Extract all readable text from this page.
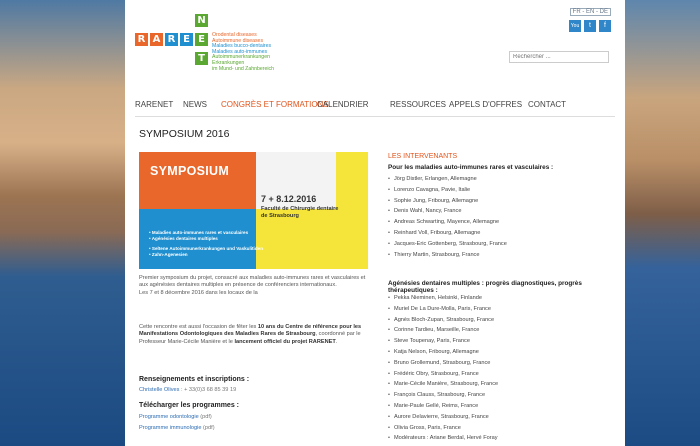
R A R E
N
E
T
Orodental diseases
Autoimmune diseases
Maladies bucco-dentaires
Maladies auto-immunes
Autoimmunerkrankungen
Erkrankungen
im Mund- und Zahnbereich
FR - EN - DE
You	t	f
Rechercher ...
RARENET NEWS CONGRÈS ET FORMATIONS
CALENDRIER	RESSOURCES APPELS D'OFFRES CONTACT
SYMPOSIUM 2016
SYMPOSIUM
7 + 8.12.2016
Faculté de Chirurgie dentaire
de Strasbourg
• Maladies auto-immunes rares et vasculaires
• Agénésies dentaires multiples
• Seltene Autoimmunerkrankungen und Vaskulitiden
• Zahn-Agenesien
Premier symposium du projet, consacré aux maladies auto-immunes rares et vasculaires et aux agénésies dentaires multiples en présence de conférenciers internationaux.
Les 7 et 8 décembre 2016 dans les locaux de la
Cette rencontre est aussi l'occasion de fêter les 10 ans du Centre de référence pour les Manifestations Odontologiques des Maladies Rares de Strasbourg, coordonné par le Professeur Marie-Cécile Manière et le lancement officiel du projet RARENET.
Renseignements et inscriptions :
Christelle Olives : + 33(0)3 68 85 39 19
Télécharger les programmes :
Programme odontologie (pdf)
Programme immunologie (pdf)
LES INTERVENANTS
Pour les maladies auto-immunes rares et vasculaires :
• Jörg Distler, Erlangen, Allemagne
• Lorenzo Cavagna, Pavie, Italie
• Sophie Jung, Fribourg, Allemagne
• Denis Wahl, Nancy, France
• Andreas Schwarting, Mayence, Allemagne
• Reinhard Voll, Fribourg, Allemagne
• Jacques-Eric Gottenberg, Strasbourg, France
• Thierry Martin, Strasbourg, France
Agénésies dentaires multiples : progrès diagnostiques, progrès thérapeutiques :
• Pekka Nieminen, Helsinki, Finlande
• Muriel De La Dure-Molla, Paris, France
• Agnès Bloch-Zupan, Strasbourg, France
• Corinne Tardieu, Marseille, France
• Steve Toupenay, Paris, France
• Katja Nelson, Fribourg, Allemagne
• Bruno Grollemund, Strasbourg, France
• Frédéric Obry, Strasbourg, France
• Marie-Cécile Manière, Strasbourg, France
• François Clauss, Strasbourg, France
• Marie-Paule Gellé, Reims, France
• Aurore Delavierre, Strasbourg, France
• Olivia Gross, Paris, France
• Modérateurs : Ariane Berdal, Hervé Foray
